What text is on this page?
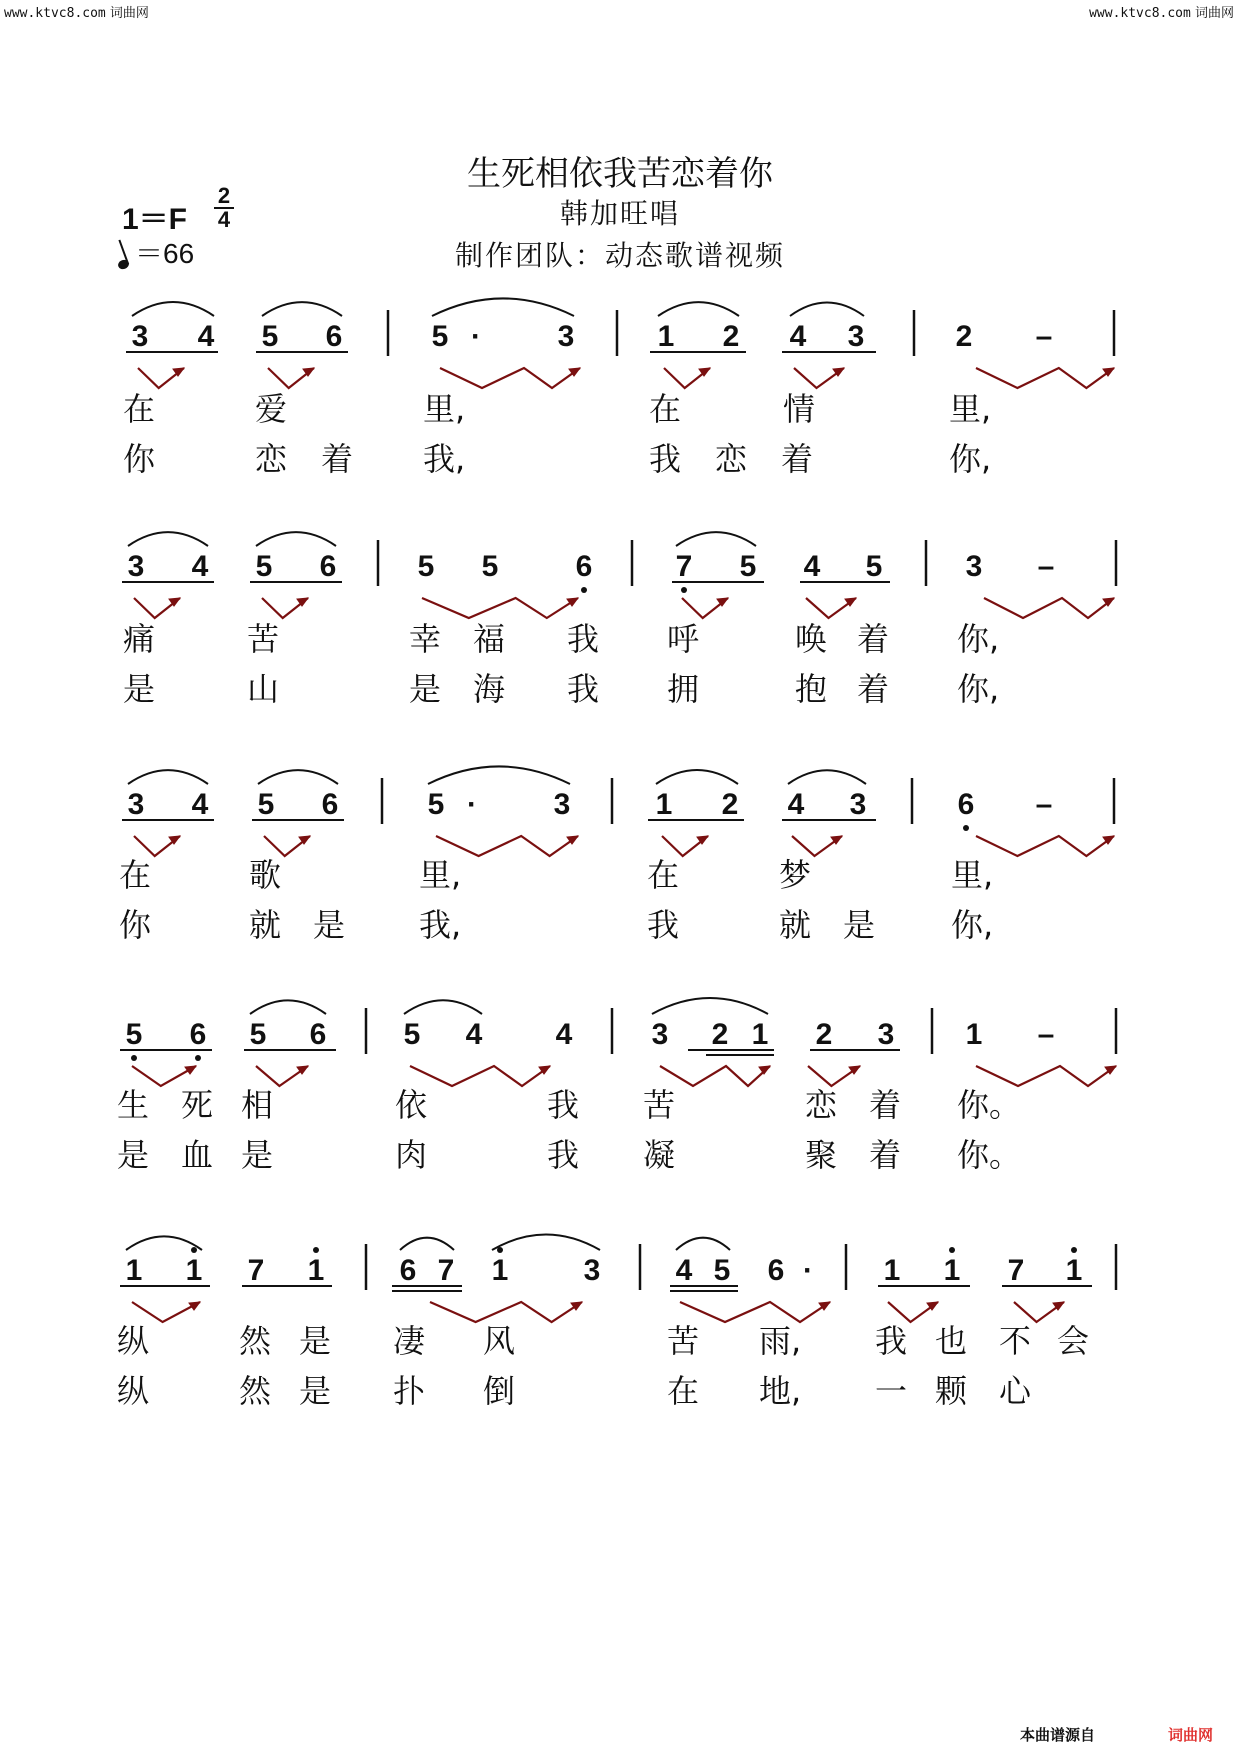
www.ktvc8.com 词曲网	www.ktvc8.com 词曲网
生死相依我苦恋着你
韩加旺唱
制作团队：动态歌谱视频
1＝F
2
4
＝66
3 4 5 6	5 ·	3	1 2 4 3	2 –
在	爱	里,	在	情	里,
你	恋 着 我,	我 恋 着	你,
3 4 5 6	5 5	6	7 5 4 5	3 –
痛	苦	幸 福 我 呼	唤 着 你,
是	山	是 海 我 拥	抱 着 你,
3 4 5 6	5 ·	3	1 2 4 3	6 –
在	歌	里,	在	梦	里,
你	就 是 我,	我	就 是 你,
5 6 5 6	5 4 4	3 2 1 2 3 1 –
生 死 相	依	我 苦	恋 着 你。
是 血 是	肉	我 凝	聚 着 你。
1 1 7 1	6 7 1	3	4 5 6 · 1 1 7 1
纵	然 是 凄 风	苦 雨, 我 也 不 会
纵	然 是 扑 倒	在 地, 一 颗 心
本曲谱源自	词曲网
